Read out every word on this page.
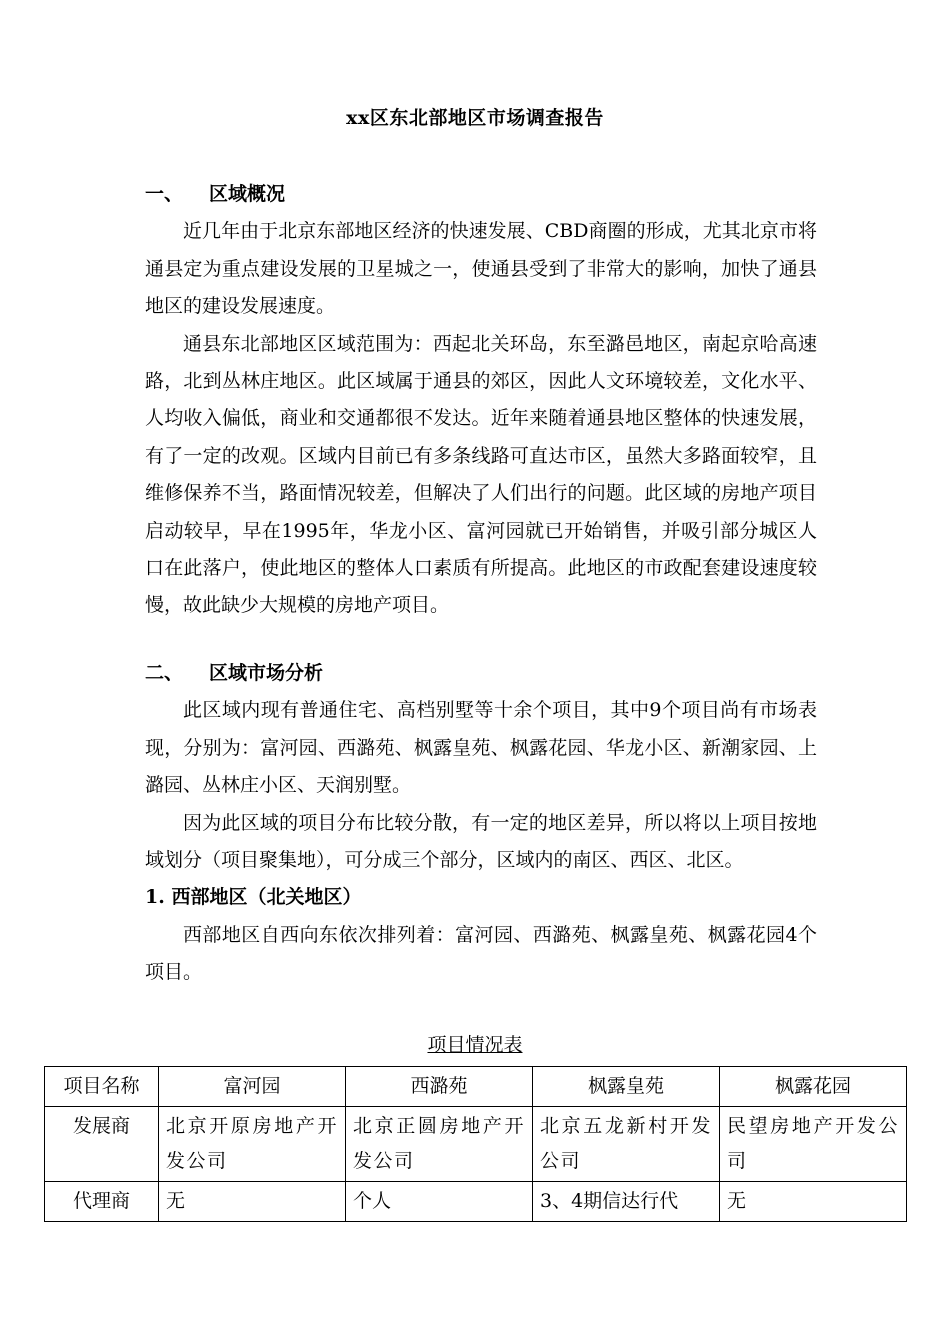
xx区东北部地区市场调查报告

一、 区域概况

近几年由于北京东部地区经济的快速发展、CBD商圈的形成，尤其北京市将通县定为重点建设发展的卫星城之一，使通县受到了非常大的影响，加快了通县地区的建设发展速度。

通县东北部地区区域范围为：西起北关环岛，东至潞邑地区，南起京哈高速路，北到丛林庄地区。此区域属于通县的郊区，因此人文环境较差，文化水平、人均收入偏低，商业和交通都很不发达。近年来随着通县地区整体的快速发展，有了一定的改观。区域内目前已有多条线路可直达市区，虽然大多路面较窄，且维修保养不当，路面情况较差，但解决了人们出行的问题。此区域的房地产项目启动较早，早在1995年，华龙小区、富河园就已开始销售，并吸引部分城区人口在此落户，使此地区的整体人口素质有所提高。此地区的市政配套建设速度较慢，故此缺少大规模的房地产项目。

二、 区域市场分析

此区域内现有普通住宅、高档别墅等十余个项目，其中9个项目尚有市场表现，分别为：富河园、西潞苑、枫露皇苑、枫露花园、华龙小区、新潮家园、上潞园、丛林庄小区、天润别墅。

因为此区域的项目分布比较分散，有一定的地区差异，所以将以上项目按地域划分（项目聚集地），可分成三个部分，区域内的南区、西区、北区。

1. 西部地区（北关地区）

西部地区自西向东依次排列着：富河园、西潞苑、枫露皇苑、枫露花园4个项目。

项目情况表
项目名称	富河园	西潞苑	枫露皇苑	枫露花园
发展商	北京开原房地产开发公司	北京正圆房地产开发公司	北京五龙新村开发公司	民望房地产开发公司
代理商	无	个人	3、4期信达行代	无
